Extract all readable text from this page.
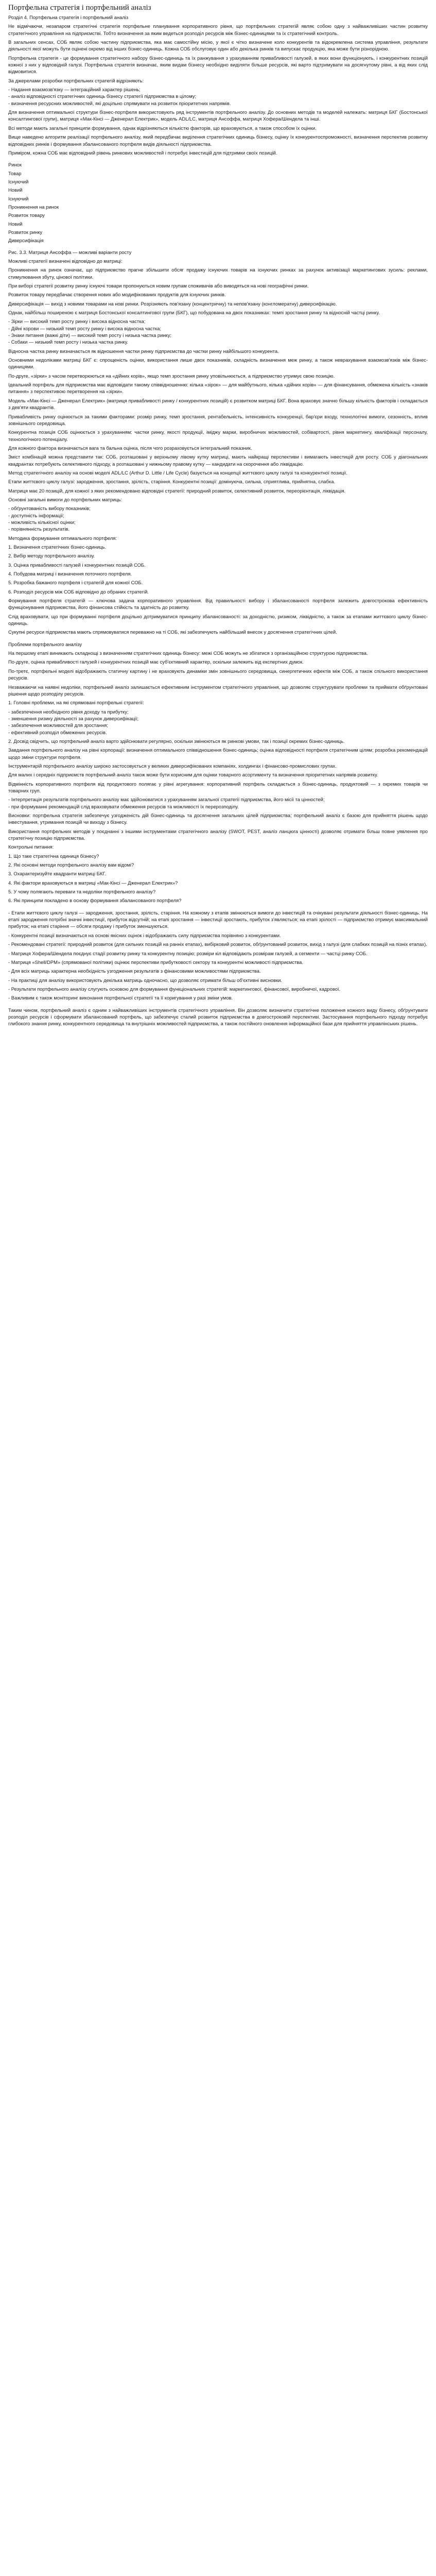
Портфельна стратегія і портфельний аналіз

Розділ 4. Портфельна стратегія і портфельний аналіз

Не відмічаючи, незапаром стратегічні стратегія портфельне планування корпоративного рівня, що портфельних стратегій являє собою одну з найважливіших частин розвитку стратегічного управління на підприємстві. Тобто визначення за яким ведеться розподіл ресурсів між бізнес-одиницями та їх стратегічний контроль.

В загальних сенсах, СОБ являє собою частину підприємства, яка має самостійну місію, у якої є чітко визначене коло конкурентів та відокремлена система управління, результати діяльності якої можуть бути оцінені окремо від інших бізнес-одиниць. Кожна СОБ обслуговує один або декілька ринків та випускає продукцію, яка може бути різнорідною.

Портфельна стратегія - це формування стратегічного набору бізнес-одиниць та їх ранжування з урахуванням привабливості галузей, в яких вони функціонують, і конкурентних позицій кожної з них у відповідній галузі. Портфельна стратегія визначає, яким видам бізнесу необхідно виділяти більше ресурсів, які варто підтримувати на досягнутому рівні, а від яких слід відмовитися.

За джерелами розробки портфельних стратегій відрізняють:

- Надання взаємозв'язку — інтеграційний характер рішень;
- аналіз відповідності стратегічних одиниць бізнесу стратегії підприємства в цілому;
- визначення ресурсних можливостей, які доцільно спрямувати на розвиток пріоритетних напрямів.

Для визначення оптимальної структури бізнес-портфеля використовують ряд інструментів портфельного аналізу. До основних методів та моделей належать: матриця БКГ (Бостонської консалтингової групи), матриця «Мак-Кінсі — Дженерал Електрик», модель ADL/LC, матриця Ансоффа, матриця Хофера/Шендела та інші.

Всі методи мають загальні принципи формування, однак відрізняються кількістю факторів, що враховуються, а також способом їх оцінки.

Вище наведено алгоритм реалізації портфельного аналізу, який передбачає виділення стратегічних одиниць бізнесу, оцінку їх конкурентоспроможності, визначення перспектив розвитку відповідних ринків і формування збалансованого портфеля видів діяльності підприємства.

Приміром, кожна СОБ має відповідний рівень ринкових можливостей і потребує інвестицій для підтримки своїх позицій.

Ринок

Товар

Існуючий

Новий

Існуючий

Проникнення на ринок

Розвиток товару

Новий

Розвиток ринку

Диверсифікація

Рис. 3.3. Матриця Ансоффа — можливі варіанти росту

Можливі стратегії визначені відповідно до матриці:

Проникнення на ринок означає, що підприємство прагне збільшити обсяг продажу існуючих товарів на існуючих ринках за рахунок активізації маркетингових зусиль: реклами, стимулювання збуту, цінової політики.

При виборі стратегії розвитку ринку існуючі товари пропонуються новим групам споживачів або виводяться на нові географічні ринки.

Розвиток товару передбачає створення нових або модифікованих продуктів для існуючих ринків.

Диверсифікація — вихід з новими товарами на нові ринки. Розрізняють пов'язану (концентричну) та непов'язану (конгломератну) диверсифікацію.

Однак, найбільш поширеною є матриця Бостонської консалтингової групи (БКГ), що побудована на двох показниках: темпі зростання ринку та відносній частці ринку.

- Зірки — високий темп росту ринку і висока відносна частка;
- Дійні корови — низький темп росту ринку і висока відносна частка;
- Знаки питання (важкі діти) — високий темп росту і низька частка ринку;
- Собаки — низький темп росту і низька частка ринку.

Відносна частка ринку визначається як відношення частки ринку підприємства до частки ринку найбільшого конкурента.

Основними недоліками матриці БКГ є: спрощеність оцінки, використання лише двох показників, складність визначення меж ринку, а також неврахування взаємозв'язків між бізнес-одиницями.

По-друге, «зірки» з часом перетворюються на «дійних корів», якщо темп зростання ринку уповільнюється, а підприємство утримує свою позицію.

Ідеальний портфель для підприємства має відповідати такому співвідношенню: кілька «зірок» — для майбутнього, кілька «дійних корів» — для фінансування, обмежена кількість «знаків питання» з перспективою перетворення на «зірки».

Модель «Мак-Кінсі — Дженерал Електрик» (матриця привабливості ринку / конкурентних позицій) є розвитком матриці БКГ. Вона враховує значно більшу кількість факторів і складається з дев'яти квадрантів.

Привабливість ринку оцінюється за такими факторами: розмір ринку, темп зростання, рентабельність, інтенсивність конкуренції, бар'єри входу, технологічні вимоги, сезонність, вплив зовнішнього середовища.

Конкурентна позиція СОБ оцінюється з урахуванням: частки ринку, якості продукції, іміджу марки, виробничих можливостей, собівартості, рівня маркетингу, кваліфікації персоналу, технологічного потенціалу.

Для кожного фактора визначається вага та бальна оцінка, після чого розраховується інтегральний показник.

Зміст комбінацій можна представити так: СОБ, розташовані у верхньому лівому кутку матриці, мають найкращі перспективи і вимагають інвестицій для росту. СОБ у діагональних квадрантах потребують селективного підходу, а розташовані у нижньому правому кутку — кандидати на скорочення або ліквідацію.

Метод стратегічного аналізу на основі моделі ADL/LC (Arthur D. Little / Life Cycle) базується на концепції життєвого циклу галузі та конкурентної позиції.

Етапи життєвого циклу галузі: зародження, зростання, зрілість, старіння. Конкурентні позиції: домінуюча, сильна, сприятлива, прийнятна, слабка.

Матриця має 20 позицій, для кожної з яких рекомендовано відповідні стратегії: природний розвиток, селективний розвиток, переорієнтація, ліквідація.

Основні загальні вимоги до портфельних матриць:

- обґрунтованість вибору показників;
- доступність інформації;
- можливість кількісної оцінки;
- порівнянність результатів.

Методика формування оптимального портфеля:

1. Визначення стратегічних бізнес-одиниць.

2. Вибір методу портфельного аналізу.

3. Оцінка привабливості галузей і конкурентних позицій СОБ.

4. Побудова матриці і визначення поточного портфеля.

5. Розробка бажаного портфеля і стратегій для кожної СОБ.

6. Розподіл ресурсів між СОБ відповідно до обраних стратегій.

Формування портфеля стратегій — ключова задача корпоративного управління. Від правильності вибору і збалансованості портфеля залежить довгострокова ефективність функціонування підприємства, його фінансова стійкість та здатність до розвитку.

Слід враховувати, що при формуванні портфеля доцільно дотримуватися принципу збалансованості: за доходністю, ризиком, ліквідністю, а також за етапами життєвого циклу бізнес-одиниць.

Сукупні ресурси підприємства мають спрямовуватися переважно на ті СОБ, які забезпечують найбільший внесок у досягнення стратегічних цілей.

Проблеми портфельного аналізу

На першому етапі виникають складнощі з визначенням стратегічних одиниць бізнесу: межі СОБ можуть не збігатися з організаційною структурою підприємства.

По-друге, оцінка привабливості галузей і конкурентних позицій має суб'єктивний характер, оскільки залежить від експертних думок.

По-третє, портфельні моделі відображають статичну картину і не враховують динаміки змін зовнішнього середовища, синергетичних ефектів між СОБ, а також спільного використання ресурсів.

Незважаючи на наявні недоліки, портфельний аналіз залишається ефективним інструментом стратегічного управління, що дозволяє структурувати проблеми та приймати обґрунтовані рішення щодо розподілу ресурсів.

1. Головні проблеми, на які спрямовані портфельні стратегії:

- забезпечення необхідного рівня доходу та прибутку;
- зменшення ризику діяльності за рахунок диверсифікації;
- забезпечення можливостей для зростання;
- ефективний розподіл обмежених ресурсів.

2. Досвід свідчить, що портфельний аналіз варто здійснювати регулярно, оскільки змінюються як ринкові умови, так і позиції окремих бізнес-одиниць.

Завдання портфельного аналізу на рівні корпорації: визначення оптимального співвідношення бізнес-одиниць; оцінка відповідності портфеля стратегічним цілям; розробка рекомендацій щодо зміни структури портфеля.

Інструментарій портфельного аналізу широко застосовується у великих диверсифікованих компаніях, холдингах і фінансово-промислових групах.

Для малих і середніх підприємств портфельний аналіз також може бути корисним для оцінки товарного асортименту та визначення пріоритетних напрямів розвитку.

Відмінність корпоративного портфеля від продуктового полягає у рівні агрегування: корпоративний портфель складається з бізнес-одиниць, продуктовий — з окремих товарів чи товарних груп.

- Інтерпретація результатів портфельного аналізу має здійснюватися з урахуванням загальної стратегії підприємства, його місії та цінностей;
- при формуванні рекомендацій слід враховувати обмеження ресурсів та можливості їх перерозподілу.

Висновки: портфельна стратегія забезпечує узгодженість дій бізнес-одиниць та досягнення загальних цілей підприємства; портфельний аналіз є базою для прийняття рішень щодо інвестування, утримання позицій чи виходу з бізнесу.

Використання портфельних методів у поєднанні з іншими інструментами стратегічного аналізу (SWOT, PEST, аналіз ланцюга цінності) дозволяє отримати більш повне уявлення про стратегічну позицію підприємства.

Контрольні питання:

1. Що таке стратегічна одиниця бізнесу?

2. Які основні методи портфельного аналізу вам відомі?

3. Охарактеризуйте квадранти матриці БКГ.

4. Які фактори враховуються в матриці «Мак-Кінсі — Дженерал Електрик»?

5. У чому полягають переваги та недоліки портфельного аналізу?

6. Які принципи покладено в основу формування збалансованого портфеля?

- Етапи життєвого циклу галузі — зародження, зростання, зрілість, старіння. На кожному з етапів змінюються вимоги до інвестицій та очікувані результати діяльності бізнес-одиниць. На етапі зародження потрібні значні інвестиції, прибуток відсутній; на етапі зростання — інвестиції зростають, прибуток з'являється; на етапі зрілості — підприємство отримує максимальний прибуток; на етапі старіння — обсяги продажу і прибуток зменшуються.

- Конкурентні позиції визначаються на основі якісних оцінок і відображають силу підприємства порівняно з конкурентами.

- Рекомендовані стратегії: природний розвиток (для сильних позицій на ранніх етапах), вибірковий розвиток, обґрунтований розвиток, вихід з галузі (для слабких позицій на пізніх етапах).

- Матриця Хофера/Шендела поєднує стадії розвитку ринку та конкурентну позицію; розміри кіл відповідають розмірам галузей, а сегменти — частці ринку СОБ.

- Матриця «Shell/DPM» (спрямованої політики) оцінює перспективи прибутковості сектору та конкурентні можливості підприємства.

- Для всіх матриць характерна необхідність узгодження результатів з фінансовими можливостями підприємства.

- На практиці для аналізу використовують декілька матриць одночасно, що дозволяє отримати більш об'єктивні висновки.

- Результати портфельного аналізу слугують основою для формування функціональних стратегій: маркетингової, фінансової, виробничої, кадрової.

- Важливим є також моніторинг виконання портфельної стратегії та її коригування у разі зміни умов.

Таким чином, портфельний аналіз є одним з найважливіших інструментів стратегічного управління. Він дозволяє визначити стратегічне положення кожного виду бізнесу, обґрунтувати розподіл ресурсів і сформувати збалансований портфель, що забезпечує сталий розвиток підприємства в довгостроковій перспективі. Застосування портфельного підходу потребує глибокого знання ринку, конкурентного середовища та внутрішніх можливостей підприємства, а також постійного оновлення інформаційної бази для прийняття управлінських рішень.
